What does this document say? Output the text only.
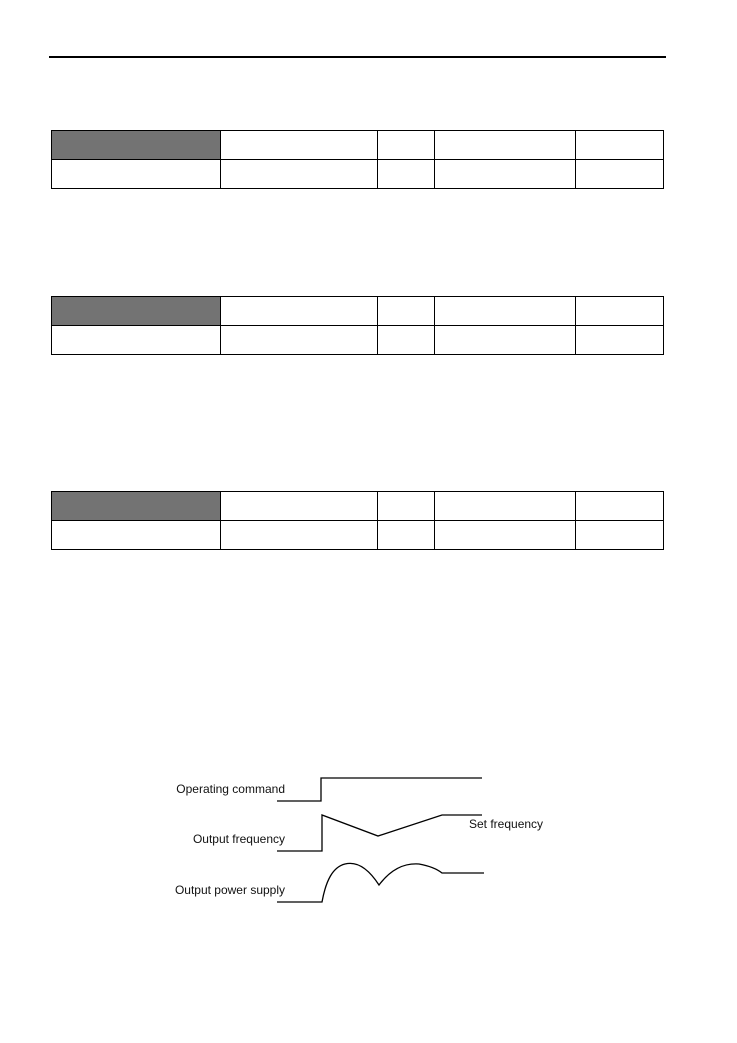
Operating command
Output frequency
Set frequency
Output power supply
